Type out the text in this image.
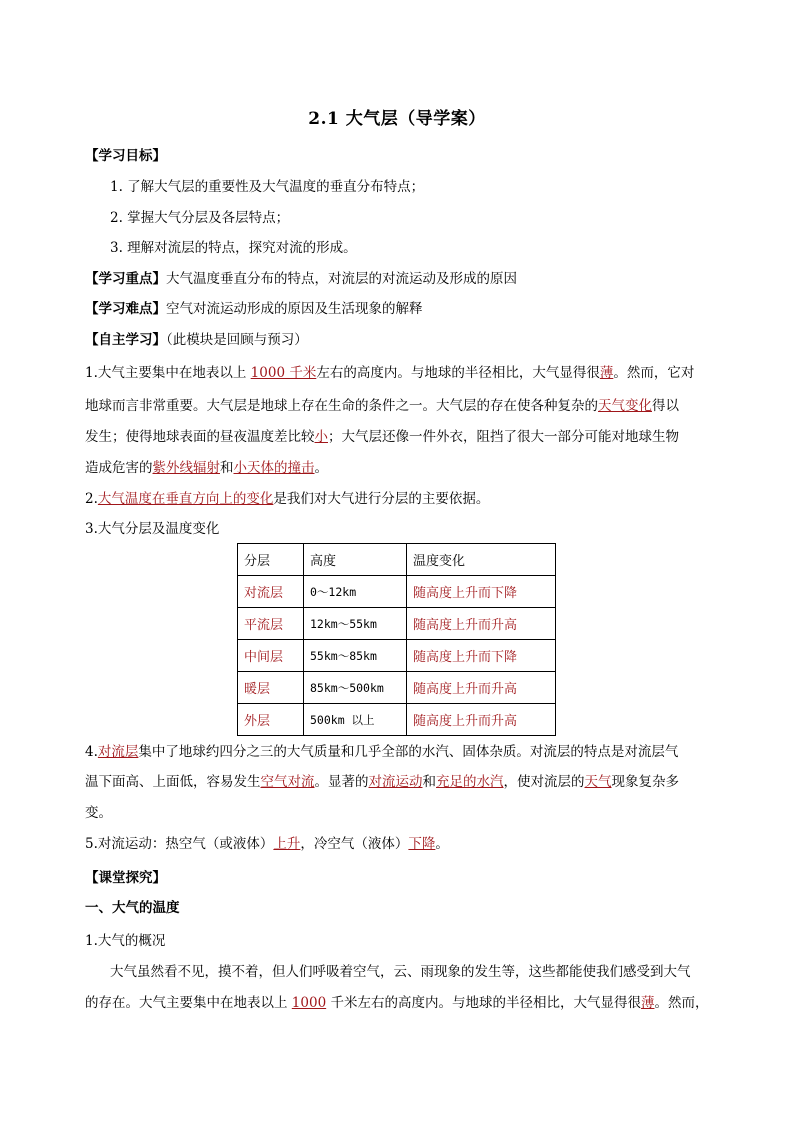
2.1 大气层（导学案）
【学习目标】
1. 了解大气层的重要性及大气温度的垂直分布特点；
2. 掌握大气分层及各层特点；
3. 理解对流层的特点，探究对流的形成。
【学习重点】大气温度垂直分布的特点，对流层的对流运动及形成的原因
【学习难点】空气对流运动形成的原因及生活现象的解释
【自主学习】（此模块是回顾与预习）
1.大气主要集中在地表以上 1000 千米左右的高度内。与地球的半径相比，大气显得很薄。然而，它对
地球而言非常重要。大气层是地球上存在生命的条件之一。大气层的存在使各种复杂的天气变化得以
发生；使得地球表面的昼夜温度差比较小；大气层还像一件外衣，阻挡了很大一部分可能对地球生物
造成危害的紫外线辐射和小天体的撞击。
2.大气温度在垂直方向上的变化是我们对大气进行分层的主要依据。
3.大气分层及温度变化
分层	高度	温度变化
对流层	0～12km	随高度上升而下降
平流层	12km～55km	随高度上升而升高
中间层	55km～85km	随高度上升而下降
暖层	85km～500km	随高度上升而升高
外层	500km 以上	随高度上升而升高
4.对流层集中了地球约四分之三的大气质量和几乎全部的水汽、固体杂质。对流层的特点是对流层气
温下面高、上面低，容易发生空气对流。显著的对流运动和充足的水汽，使对流层的天气现象复杂多
变。
5.对流运动：热空气（或液体）上升，冷空气（液体）下降。
【课堂探究】
一、大气的温度
1.大气的概况
大气虽然看不见，摸不着，但人们呼吸着空气，云、雨现象的发生等，这些都能使我们感受到大气
的存在。大气主要集中在地表以上 1000 千米左右的高度内。与地球的半径相比，大气显得很薄。然而，
